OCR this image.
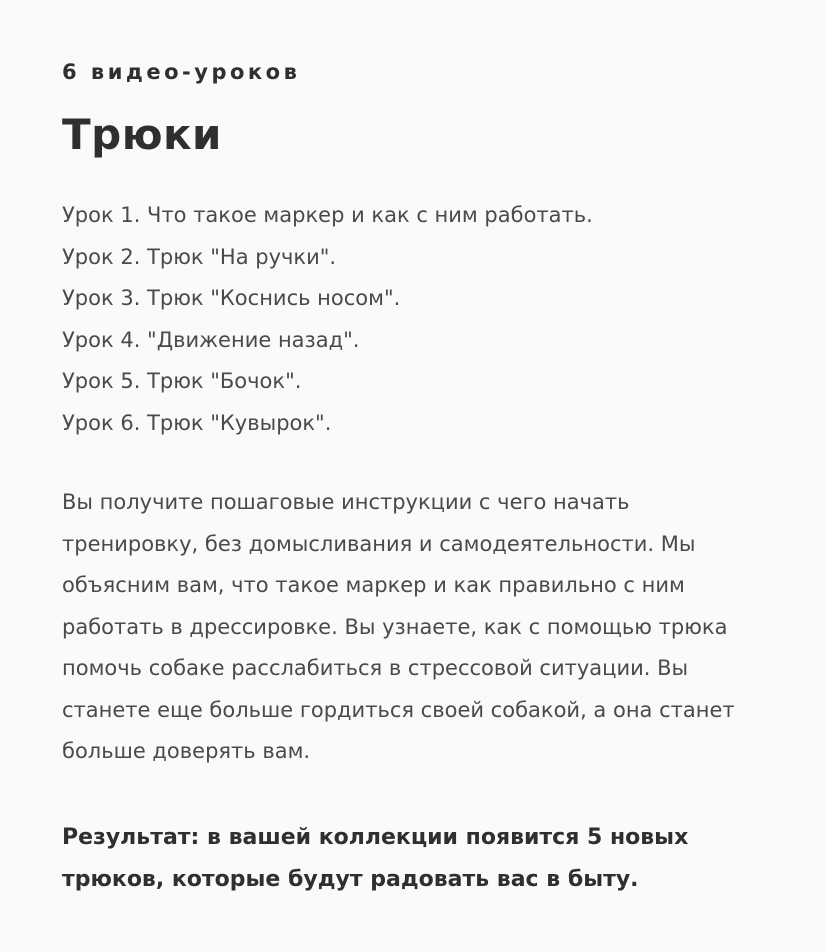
6 видео-уроков
Трюки
Урок 1. Что такое маркер и как с ним работать.
Урок 2. Трюк "На ручки".
Урок 3. Трюк "Коснись носом".
Урок 4. "Движение назад".
Урок 5. Трюк "Бочок".
Урок 6. Трюк "Кувырок".

Вы получите пошаговые инструкции с чего начать тренировку, без домысливания и самодеятельности. Мы объясним вам, что такое маркер и как правильно с ним работать в дрессировке. Вы узнаете, как с помощью трюка помочь собаке расслабиться в стрессовой ситуации. Вы станете еще больше гордиться своей собакой, а она станет больше доверять вам.

Результат: в вашей коллекции появится 5 новых трюков, которые будут радовать вас в быту.
